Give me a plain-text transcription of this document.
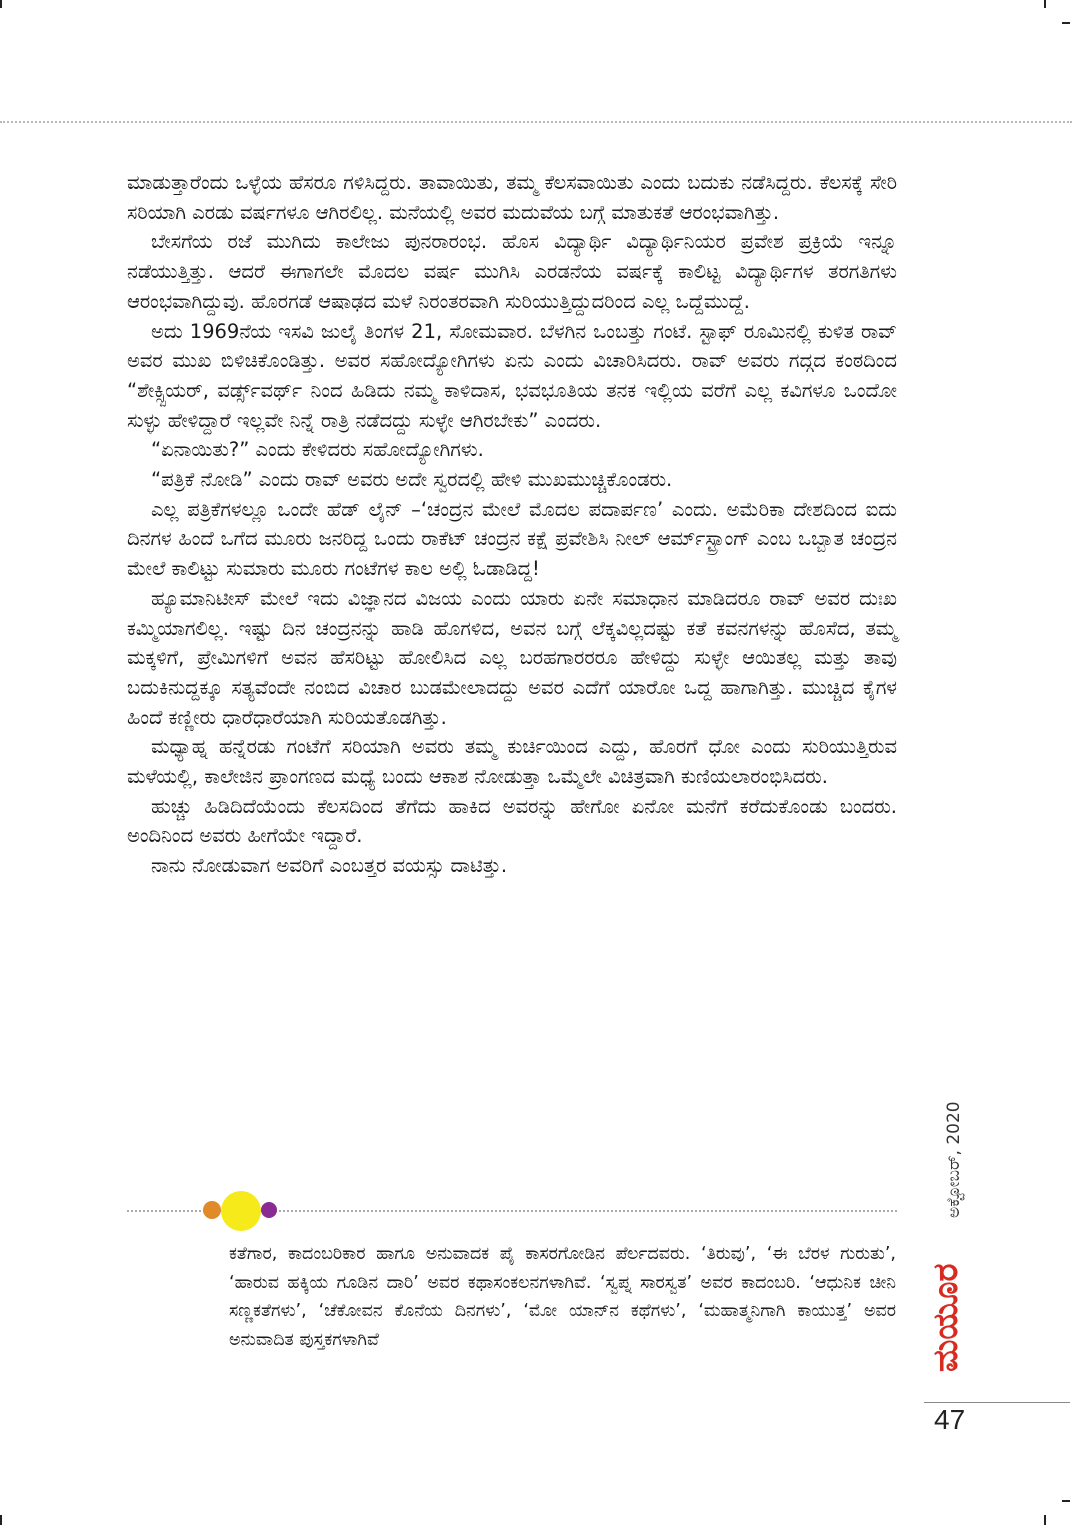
ಮಾಡುತ್ತಾರೆಂದು ಒಳ್ಳೆಯ ಹೆಸರೂ ಗಳಿಸಿದ್ದರು. ತಾವಾಯಿತು, ತಮ್ಮ ಕೆಲಸವಾಯಿತು ಎಂದು ಬದುಕು ನಡೆಸಿದ್ದರು. ಕೆಲಸಕ್ಕೆ ಸೇರಿ ಸರಿಯಾಗಿ ಎರಡು ವರ್ಷಗಳೂ ಆಗಿರಲಿಲ್ಲ. ಮನೆಯಲ್ಲಿ ಅವರ ಮದುವೆಯ ಬಗ್ಗೆ ಮಾತುಕತೆ ಆರಂಭವಾಗಿತ್ತು.

ಬೇಸಗೆಯ ರಜೆ ಮುಗಿದು ಕಾಲೇಜು ಪುನರಾರಂಭ. ಹೊಸ ವಿದ್ಯಾರ್ಥಿ ವಿದ್ಯಾರ್ಥಿನಿಯರ ಪ್ರವೇಶ ಪ್ರಕ್ರಿಯೆ ಇನ್ನೂ ನಡೆಯುತ್ತಿತ್ತು. ಆದರೆ ಈಗಾಗಲೇ ಮೊದಲ ವರ್ಷ ಮುಗಿಸಿ ಎರಡನೆಯ ವರ್ಷಕ್ಕೆ ಕಾಲಿಟ್ಟ ವಿದ್ಯಾರ್ಥಿಗಳ ತರಗತಿಗಳು ಆರಂಭವಾಗಿದ್ದುವು. ಹೊರಗಡೆ ಆಷಾಢದ ಮಳೆ ನಿರಂತರವಾಗಿ ಸುರಿಯುತ್ತಿದ್ದುದರಿಂದ ಎಲ್ಲ ಒದ್ದೆಮುದ್ದೆ.

ಅದು 1969ನೆಯ ಇಸವಿ ಜುಲೈ ತಿಂಗಳ 21, ಸೋಮವಾರ. ಬೆಳಗಿನ ಒಂಬತ್ತು ಗಂಟೆ. ಸ್ಟಾಫ್ ರೂಮಿನಲ್ಲಿ ಕುಳಿತ ರಾವ್ ಅವರ ಮುಖ ಬಿಳಿಚಿಕೊಂಡಿತ್ತು. ಅವರ ಸಹೋದ್ಯೋಗಿಗಳು ಏನು ಎಂದು ವಿಚಾರಿಸಿದರು. ರಾವ್ ಅವರು ಗದ್ಗದ ಕಂಠದಿಂದ “ಶೇಕ್ಸ್ಪಿಯರ್, ವರ್ಡ್ಸ್‌ವರ್ಥ್ ನಿಂದ ಹಿಡಿದು ನಮ್ಮ ಕಾಳಿದಾಸ, ಭವಭೂತಿಯ ತನಕ ಇಲ್ಲಿಯ ವರೆಗೆ ಎಲ್ಲ ಕವಿಗಳೂ ಒಂದೋ ಸುಳ್ಳು ಹೇಳಿದ್ದಾರೆ ಇಲ್ಲವೇ ನಿನ್ನೆ ರಾತ್ರಿ ನಡೆದದ್ದು ಸುಳ್ಳೇ ಆಗಿರಬೇಕು” ಎಂದರು.

“ಏನಾಯಿತು?” ಎಂದು ಕೇಳಿದರು ಸಹೋದ್ಯೋಗಿಗಳು.

“ಪತ್ರಿಕೆ ನೋಡಿ” ಎಂದು ರಾವ್ ಅವರು ಅದೇ ಸ್ವರದಲ್ಲಿ ಹೇಳಿ ಮುಖಮುಚ್ಚಿಕೊಂಡರು.

ಎಲ್ಲ ಪತ್ರಿಕೆಗಳಲ್ಲೂ ಒಂದೇ ಹೆಡ್ ಲೈನ್ –‘ಚಂದ್ರನ ಮೇಲೆ ಮೊದಲ ಪದಾರ್ಪಣ’ ಎಂದು. ಅಮೆರಿಕಾ ದೇಶದಿಂದ ಐದು ದಿನಗಳ ಹಿಂದೆ ಒಗೆದ ಮೂರು ಜನರಿದ್ದ ಒಂದು ರಾಕೆಟ್ ಚಂದ್ರನ ಕಕ್ಷೆ ಪ್ರವೇಶಿಸಿ ನೀಲ್ ಆರ್ಮ್‌ಸ್ಟ್ರಾಂಗ್ ಎಂಬ ಒಬ್ಬಾತ ಚಂದ್ರನ ಮೇಲೆ ಕಾಲಿಟ್ಟು ಸುಮಾರು ಮೂರು ಗಂಟೆಗಳ ಕಾಲ ಅಲ್ಲಿ ಓಡಾಡಿದ್ದ!

ಹ್ಯೂಮಾನಿಟೀಸ್ ಮೇಲೆ ಇದು ವಿಜ್ಞಾನದ ವಿಜಯ ಎಂದು ಯಾರು ಏನೇ ಸಮಾಧಾನ ಮಾಡಿದರೂ ರಾವ್ ಅವರ ದುಃಖ ಕಮ್ಮಿಯಾಗಲಿಲ್ಲ. ಇಷ್ಟು ದಿನ ಚಂದ್ರನನ್ನು ಹಾಡಿ ಹೊಗಳಿದ, ಅವನ ಬಗ್ಗೆ ಲೆಕ್ಕವಿಲ್ಲದಷ್ಟು ಕತೆ ಕವನಗಳನ್ನು ಹೊಸೆದ, ತಮ್ಮ ಮಕ್ಕಳಿಗೆ, ಪ್ರೇಮಿಗಳಿಗೆ ಅವನ ಹೆಸರಿಟ್ಟು ಹೋಲಿಸಿದ ಎಲ್ಲ ಬರಹಗಾರರರೂ ಹೇಳಿದ್ದು ಸುಳ್ಳೇ ಆಯಿತಲ್ಲ ಮತ್ತು ತಾವು ಬದುಕಿನುದ್ದಕ್ಕೂ ಸತ್ಯವೆಂದೇ ನಂಬಿದ ವಿಚಾರ ಬುಡಮೇಲಾದದ್ದು ಅವರ ಎದೆಗೆ ಯಾರೋ ಒದ್ದ ಹಾಗಾಗಿತ್ತು. ಮುಚ್ಚಿದ ಕೈಗಳ ಹಿಂದೆ ಕಣ್ಣೀರು ಧಾರೆಧಾರೆಯಾಗಿ ಸುರಿಯತೊಡಗಿತ್ತು.

ಮಧ್ಯಾಹ್ನ ಹನ್ನೆರಡು ಗಂಟೆಗೆ ಸರಿಯಾಗಿ ಅವರು ತಮ್ಮ ಕುರ್ಚಿಯಿಂದ ಎದ್ದು, ಹೊರಗೆ ಧೋ ಎಂದು ಸುರಿಯುತ್ತಿರುವ ಮಳೆಯಲ್ಲಿ, ಕಾಲೇಜಿನ ಪ್ರಾಂಗಣದ ಮಧ್ಯೆ ಬಂದು ಆಕಾಶ ನೋಡುತ್ತಾ ಒಮ್ಮೆಲೇ ವಿಚಿತ್ರವಾಗಿ ಕುಣಿಯಲಾರಂಭಿಸಿದರು.

ಹುಚ್ಚು ಹಿಡಿದಿದೆಯೆಂದು ಕೆಲಸದಿಂದ ತೆಗೆದು ಹಾಕಿದ ಅವರನ್ನು ಹೇಗೋ ಏನೋ ಮನೆಗೆ ಕರೆದುಕೊಂಡು ಬಂದರು. ಅಂದಿನಿಂದ ಅವರು ಹೀಗೆಯೇ ಇದ್ದಾರೆ.

ನಾನು ನೋಡುವಾಗ ಅವರಿಗೆ ಎಂಬತ್ತರ ವಯಸ್ಸು ದಾಟಿತ್ತು.

ಕತೆಗಾರ, ಕಾದಂಬರಿಕಾರ ಹಾಗೂ ಅನುವಾದಕ ಪೈ ಕಾಸರಗೋಡಿನ ಪೆರ್ಲದವರು. ‘ತಿರುವು’, ‘ಈ ಬೆರಳ ಗುರುತು’, ‘ಹಾರುವ ಹಕ್ಕಿಯ ಗೂಡಿನ ದಾರಿ’ ಅವರ ಕಥಾಸಂಕಲನಗಳಾಗಿವೆ. ‘ಸ್ವಪ್ನ ಸಾರಸ್ವತ’ ಅವರ ಕಾದಂಬರಿ. ‘ಆಧುನಿಕ ಚೀನಿ ಸಣ್ಣಕತೆಗಳು’, ‘ಚೆಕೋವನ ಕೊನೆಯ ದಿನಗಳು’, ‘ಮೋ ಯಾನ್‌ನ ಕಥೆಗಳು’, ‘ಮಹಾತ್ಮನಿಗಾಗಿ ಕಾಯುತ್ತ’ ಅವರ ಅನುವಾದಿತ ಪುಸ್ತಕಗಳಾಗಿವೆ

ಅಕ್ಟೋಬರ್, 2020
ಮಯೂರ
47
